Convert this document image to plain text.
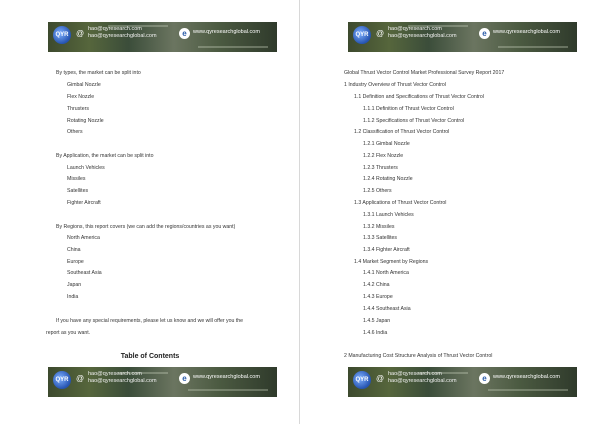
QYR @ hao@qyresearch.com
hao@qyresearchglobal.com	e	www.qyresearchglobal.com
By types, the market can be split into
Gimbal Nozzle
Flex Nozzle
Thrusters
Rotating Nozzle
Others
By Application, the market can be split into
Launch Vehicles
Missiles
Satellites
Fighter Aircraft
By Regions, this report covers (we can add the regions/countries as you want)
North America
China
Europe
Southeast Asia
Japan
India
If you have any special requirements, please let us know and we will offer you the
report as you want.
Table of Contents
QYR @ hao@qyresearch.com
hao@qyresearchglobal.com	e	www.qyresearchglobal.com
QYR @ hao@qyresearch.com
hao@qyresearchglobal.com	e	www.qyresearchglobal.com
Global Thrust Vector Control Market Professional Survey Report 2017
1 Industry Overview of Thrust Vector Control
1.1 Definition and Specifications of Thrust Vector Control
1.1.1 Definition of Thrust Vector Control
1.1.2 Specifications of Thrust Vector Control
1.2 Classification of Thrust Vector Control
1.2.1 Gimbal Nozzle
1.2.2 Flex Nozzle
1.2.3 Thrusters
1.2.4 Rotating Nozzle
1.2.5 Others
1.3 Applications of Thrust Vector Control
1.3.1 Launch Vehicles
1.3.2 Missiles
1.3.3 Satellites
1.3.4 Fighter Aircraft
1.4 Market Segment by Regions
1.4.1 North America
1.4.2 China
1.4.3 Europe
1.4.4 Southeast Asia
1.4.5 Japan
1.4.6 India
2 Manufacturing Cost Structure Analysis of Thrust Vector Control
QYR @ hao@qyresearch.com
hao@qyresearchglobal.com	e	www.qyresearchglobal.com
